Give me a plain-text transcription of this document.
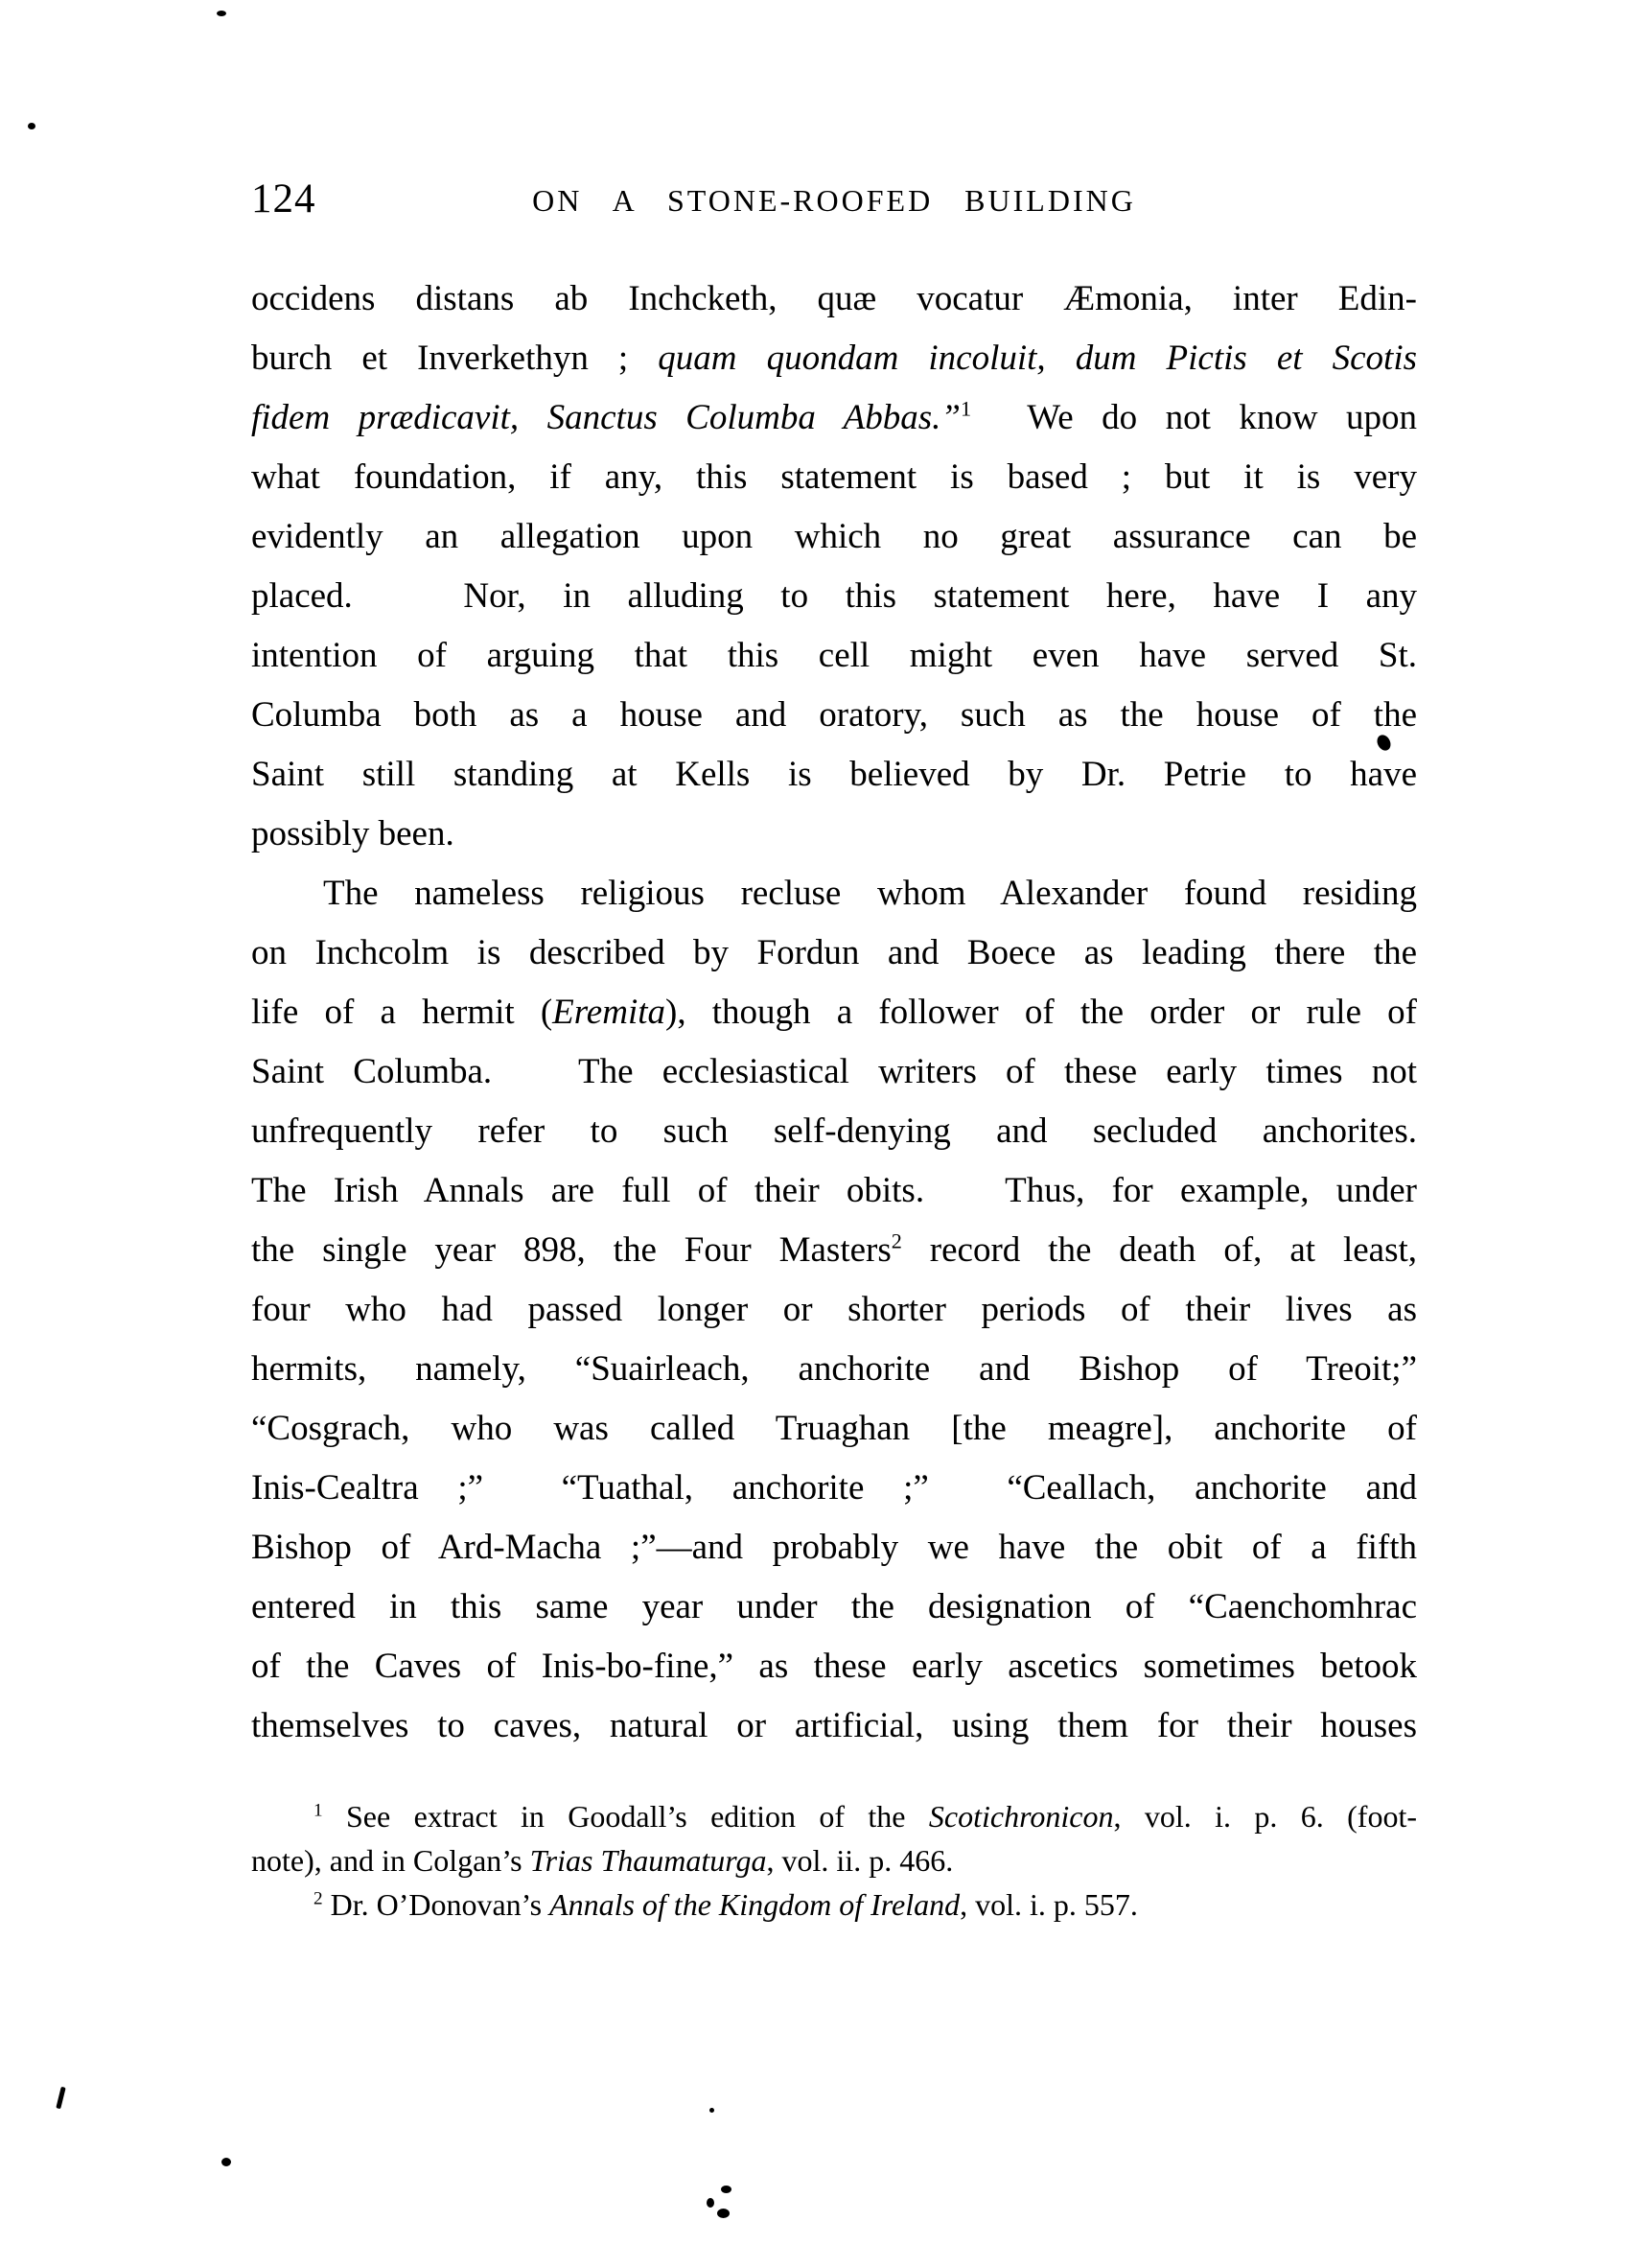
124	ON A STONE-ROOFED BUILDING
occidens distans ab Inchcketh, quæ vocatur Æmonia, inter Edin-
burch et Inverkethyn ; quam quondam incoluit, dum Pictis et Scotis
fidem prædicavit, Sanctus Columba Abbas.”$^1$  We do not know upon
what foundation, if any, this statement is based ; but it is very
evidently an allegation upon which no great assurance can be
placed.   Nor, in alluding to this statement here, have I any
intention of arguing that this cell might even have served St.
Columba both as a house and oratory, such as the house of the
Saint still standing at Kells is believed by Dr. Petrie to have
possibly been.
The nameless religious recluse whom Alexander found residing
on Inchcolm is described by Fordun and Boece as leading there the
life of a hermit (Eremita), though a follower of the order or rule of
Saint Columba.   The ecclesiastical writers of these early times not
unfrequently refer to such self-denying and secluded anchorites.
The Irish Annals are full of their obits.   Thus, for example, under
the single year 898, the Four Masters$^2$ record the death of, at least,
four who had passed longer or shorter periods of their lives as
hermits, namely, “Suairleach, anchorite and Bishop of Treoit;”
“Cosgrach, who was called Truaghan [the meagre], anchorite of
Inis-Cealtra ;”  “Tuathal, anchorite ;”  “Ceallach, anchorite and
Bishop of Ard-Macha ;”—and probably we have the obit of a fifth
entered in this same year under the designation of “Caenchomhrac
of the Caves of Inis-bo-fine,” as these early ascetics sometimes betook
themselves to caves, natural or artificial, using them for their houses
$^1$ See extract in Goodall’s edition of the Scotichronicon, vol. i. p. 6. (foot-
note), and in Colgan’s Trias Thaumaturga, vol. ii. p. 466.
$^2$ Dr. O’Donovan’s Annals of the Kingdom of Ireland, vol. i. p. 557.
